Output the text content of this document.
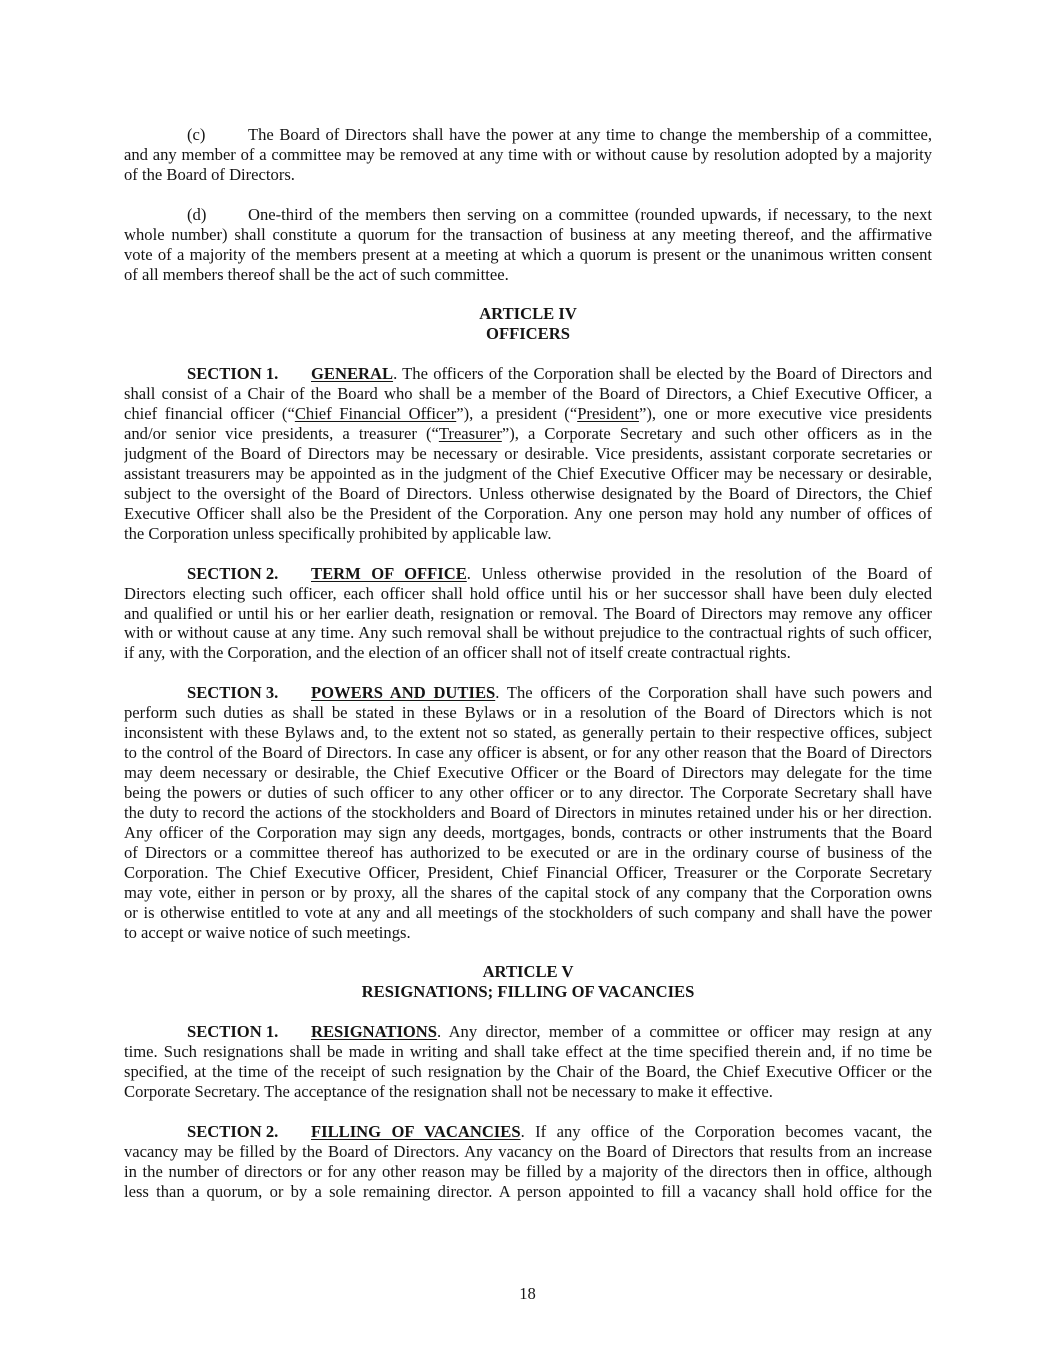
(c)	The Board of Directors shall have the power at any time to change the membership of a committee,
and any member of a committee may be removed at any time with or without cause by resolution adopted by a majority
of the Board of Directors.
(d)	One-third of the members then serving on a committee (rounded upwards, if necessary, to the next
whole number) shall constitute a quorum for the transaction of business at any meeting thereof, and the affirmative
vote of a majority of the members present at a meeting at which a quorum is present or the unanimous written consent
of all members thereof shall be the act of such committee.
ARTICLE IV
OFFICERS
SECTION 1. GENERAL. The officers of the Corporation shall be elected by the Board of Directors and
shall consist of a Chair of the Board who shall be a member of the Board of Directors, a Chief Executive Officer, a
chief financial officer (“Chief Financial Officer”), a president (“President”), one or more executive vice presidents
and/or senior vice presidents, a treasurer (“Treasurer”), a Corporate Secretary and such other officers as in the
judgment of the Board of Directors may be necessary or desirable. Vice presidents, assistant corporate secretaries or
assistant treasurers may be appointed as in the judgment of the Chief Executive Officer may be necessary or desirable,
subject to the oversight of the Board of Directors. Unless otherwise designated by the Board of Directors, the Chief
Executive Officer shall also be the President of the Corporation. Any one person may hold any number of offices of
the Corporation unless specifically prohibited by applicable law.
SECTION 2. TERM OF OFFICE. Unless otherwise provided in the resolution of the Board of
Directors electing such officer, each officer shall hold office until his or her successor shall have been duly elected
and qualified or until his or her earlier death, resignation or removal. The Board of Directors may remove any officer
with or without cause at any time. Any such removal shall be without prejudice to the contractual rights of such officer,
if any, with the Corporation, and the election of an officer shall not of itself create contractual rights.
SECTION 3. POWERS AND DUTIES. The officers of the Corporation shall have such powers and
perform such duties as shall be stated in these Bylaws or in a resolution of the Board of Directors which is not
inconsistent with these Bylaws and, to the extent not so stated, as generally pertain to their respective offices, subject
to the control of the Board of Directors. In case any officer is absent, or for any other reason that the Board of Directors
may deem necessary or desirable, the Chief Executive Officer or the Board of Directors may delegate for the time
being the powers or duties of such officer to any other officer or to any director. The Corporate Secretary shall have
the duty to record the actions of the stockholders and Board of Directors in minutes retained under his or her direction.
Any officer of the Corporation may sign any deeds, mortgages, bonds, contracts or other instruments that the Board
of Directors or a committee thereof has authorized to be executed or are in the ordinary course of business of the
Corporation. The Chief Executive Officer, President, Chief Financial Officer, Treasurer or the Corporate Secretary
may vote, either in person or by proxy, all the shares of the capital stock of any company that the Corporation owns
or is otherwise entitled to vote at any and all meetings of the stockholders of such company and shall have the power
to accept or waive notice of such meetings.
ARTICLE V
RESIGNATIONS; FILLING OF VACANCIES
SECTION 1. RESIGNATIONS. Any director, member of a committee or officer may resign at any
time. Such resignations shall be made in writing and shall take effect at the time specified therein and, if no time be
specified, at the time of the receipt of such resignation by the Chair of the Board, the Chief Executive Officer or the
Corporate Secretary. The acceptance of the resignation shall not be necessary to make it effective.
SECTION 2. FILLING OF VACANCIES. If any office of the Corporation becomes vacant, the
vacancy may be filled by the Board of Directors. Any vacancy on the Board of Directors that results from an increase
in the number of directors or for any other reason may be filled by a majority of the directors then in office, although
less than a quorum, or by a sole remaining director. A person appointed to fill a vacancy shall hold office for the
18
